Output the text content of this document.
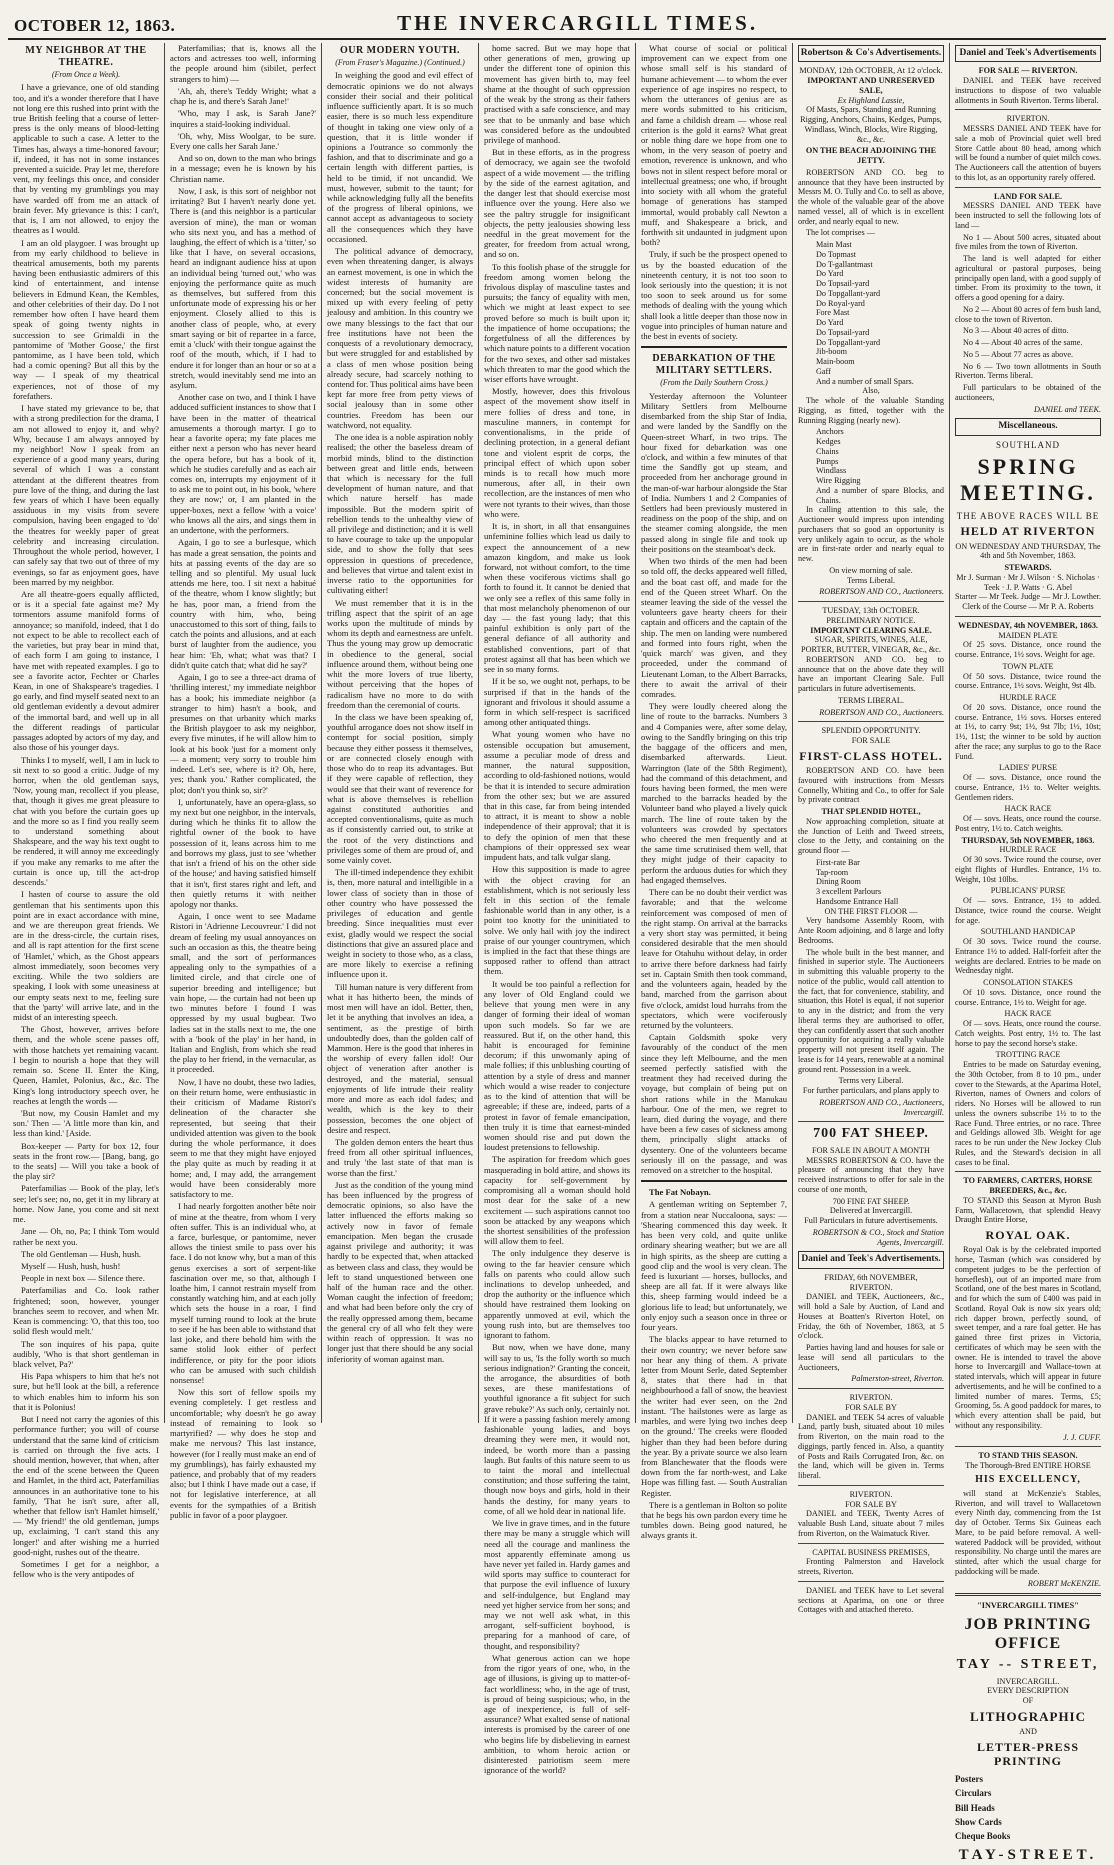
OCTOBER 12, 1863.	THE INVERCARGILL TIMES.
MY NEIGHBOR AT THE THEATRE.
(From Once a Week).

I have a grievance, one of old standing too, and it's a wonder therefore that I have not long ere this rushed into print with the true British feeling that a course of letter-press is the only means of blood-letting applicable to such a case. A letter to the Times has, always a time-honored favour; if, indeed, it has not in some instances prevented a suicide. Pray let me, therefore vent, my feelings this once, and consider that by venting my grumblings you may have warded off from me an attack of brain fever. My grievance is this: I can't, that is, I am not allowed, to enjoy the theatres as I would.

I am an old playgoer. I was brought up from my early childhood to believe in theatrical amusements, both my parents having been enthusiastic admirers of this kind of entertainment, and intense believers in Edmund Kean, the Kembles, and other celebrities of their day. Do I not remember how often I have heard them speak of going twenty nights in succession to see Grimaldi in the pantomime of 'Mother Goose,' the first pantomime, as I have been told, which had a comic opening? But all this by the way — I speak of my theatrical experiences, not of those of my forefathers.

I have stated my grievance to be, that with a strong predilection for the drama, I am not allowed to enjoy it, and why? Why, because I am always annoyed by my neighbor! Now I speak from an experience of a good many years, during several of which I was a constant attendant at the different theatres from pure love of the thing, and during the last few years of which I have been equally assiduous in my visits from severe compulsion, having been engaged to 'do' the theatres for weekly paper of great celebrity and increasing circulation. Throughout the whole period, however, I can safely say that two out of three of my evenings, so far as enjoyment goes, have been marred by my neighbor.

Are all theatre-goers equally afflicted, or is it a special fate against me? My tormentors assume manifold forms of annoyance; so manifold, indeed, that I do not expect to be able to recollect each of the varieties, but pray bear in mind that, of each form I am going to instance, I have met with repeated examples. I go to see a favorite actor, Fechter or Charles Kean, in one of Shakspeare's tragedies. I go early, and find myself seated next to an old gentleman evidently a devout admirer of the immortal bard, and well up in all the different readings of particular passages adopted by actors of my day, and also those of his younger days.

Thinks I to myself, well, I am in luck to sit next to so good a critic. Judge of my horror, when the old gentleman says, 'Now, young man, recollect if you please, that, though it gives me great pleasure to chat with you before the curtain goes up and the more so as I find you really seem to understand something about Shakspeare, and the way his text ought to be rendered, it will annoy me exceedingly if you make any remarks to me after the curtain is once up, till the act-drop descends.'

I hasten of course to assure the old gentleman that his sentiments upon this point are in exact accordance with mine, and we are thereupon great friends. We are in the dress-circle, the curtain rises, and all is rapt attention for the first scene of 'Hamlet,' which, as the Ghost appears almost immediately, soon becomes very exciting. While the two soldiers are speaking, I look with some uneasiness at our empty seats next to me, feeling sure that the 'party' will arrive late, and in the midst of an interesting speech.

The Ghost, however, arrives before them, and the whole scene passes off, with those hatchets yet remaining vacant. I begin to nourish a hope that they will remain so. Scene II. Enter the King, Queen, Hamlet, Polonius, &c., &c. The King's long introductory speech over, he reaches at length the words —

'But now, my Cousin Hamlet and my son.' Then — 'A little more than kin, and less than kind.' [Aside.

Box-keeper — Party for box 12, four seats in the front row.— [Bang, bang, go to the seats] — Will you take a book of the play sir?

Paterfamilias — Book of the play, let's see; let's see; no, no, get it in my library at home. Now Jane, you come and sit next me.

Jane — Oh, no, Pa; I think Tom would rather be next you.

The old Gentleman — Hush, hush.

Myself — Hush, hush, hush!

People in next box — Silence there.

Paterfamilias and Co. look rather frightened; soon, however, younger branches seem to recover, and when Mr. Kean is commencing: 'O, that this too, too solid flesh would melt.'

The son inquires of his papa, quite audibly, 'Who is that short gentleman in black velvet, Pa?'

His Papa whispers to him that he's not sure, but he'll look at the bill, a reference to which enables him to inform his son that it is Polonius!

But I need not carry the agonies of this performance further; you will of course understand that the same kind of criticism is carried on through the five acts. I should mention, however, that when, after the end of the scene between the Queen and Hamlet, in the third act, Paterfamilias announces in an authoritative tone to his family, 'That he isn't sure, after all, whether that fellow isn't Hamlet himself,' — 'My friend!' the old gentleman, jumps up, exclaiming, 'I can't stand this any longer!' and after wishing me a hurried good-night, rushes out of the theatre.

Sometimes I get for a neighbor, a fellow who is the very antipodes of

Paterfamilias; that is, knows all the actors and actresses too well, informing the people around him (sibilet, perfect strangers to him) —

'Ah, ah, there's Teddy Wright; what a chap he is, and there's Sarah Jane!'

'Who, may I ask, is Sarah Jane?' inquires a staid-looking individual.

'Oh, why, Miss Woolgar, to be sure. Every one calls her Sarah Jane.'

And so on, down to the man who brings in a message; even he is known by his Christian name.

Now, I ask, is this sort of neighbor not irritating? But I haven't nearly done yet. There is (and this neighbor is a particular aversion of mine), the man or woman who sits next you, and has a method of laughing, the effect of which is a 'titter,' so like that I have, on several occasions, heard an indignant audience hiss at upon an individual being 'turned out,' who was enjoying the performance quite as much as themselves, but suffered from this unfortunate mode of expressing his or her enjoyment. Closely allied to this is another class of people, who, at every smart saying or bit of repartee in a farce, emit a 'cluck' with their tongue against the roof of the mouth, which, if I had to endure it for longer than an hour or so at a stretch, would inevitably send me into an asylum.

Another case on two, and I think I have adduced sufficient instances to show that I have been in the matter of theatrical amusements a thorough martyr. I go to hear a favorite opera; my fate places me either next a person who has never heard the opera before, but has a book of it, which he studies carefully and as each air comes on, interrupts my enjoyment of it to ask me to point out, in his book, 'where they are now;' or, I am planted in the upper-boxes, next a fellow 'with a voice' who knows all the airs, and sings them in an undertone, with the performers.

Again, I go to see a burlesque, which has made a great sensation, the points and hits at passing events of the day are so telling and so plentiful. My usual luck attends me here, too. I sit next a habitué of the theatre, whom I know slightly; but he has, poor man, a friend from the country with him, who, being unaccustomed to this sort of thing, fails to catch the points and allusions, and at each burst of laughter from the audience, you hear him: 'Eh, what; what was that? I didn't quite catch that; what did he say?'

Again, I go to see a three-act drama of 'thrilling interest,' my immediate neighbor has a book; his immediate neighbor (a stranger to him) hasn't a book, and presumes on that urbanity which marks the British playgoer to ask my neighbor, every five minutes, if he will allow him to look at his book 'just for a moment only — a moment; very sorry to trouble him indeed. Let's see, where is it? Oh, here, yes; thank you.' Rather complicated, the plot; don't you think so, sir?'

I, unfortunately, have an opera-glass, so my next but one neighbor, in the intervals, during which he thinks fit to allow the rightful owner of the book to have possession of it, leans across him to me and borrows my glass, just to see 'whether that isn't a friend of his on the other side of the house;' and having satisfied himself that it isn't, first stares right and left, and then quietly returns it with neither apology nor thanks.

Again, I once went to see Madame Ristori in 'Adrienne Lecouvreur.' I did not dream of feeling my usual annoyances on such an occasion as this, the theatre being small, and the sort of performances appealing only to the sympathies of a limited circle, and that circle one of superior breeding and intelligence; but vain hope, — the curtain had not been up two minutes before I found I was oppressed by my usual bugbear. Two ladies sat in the stalls next to me, the one with a 'book of the play' in her hand, in Italian and English, from which she read the play to her friend, in the vernacular, as it proceeded.

Now, I have no doubt, these two ladies, on their return home, were enthusiastic in their criticism of Madame Ristori's delineation of the character she represented, but seeing that their undivided attention was given to the book during the whole performance, it does seem to me that they might have enjoyed the play quite as much by reading it at home; and, I may add, the arrangement would have been considerably more satisfactory to me.

I had nearly forgotten another bête noir of mine at the theatre, from whom I very often suffer. This is an individual who, at a farce, burlesque, or pantomime, never allows the tiniest smile to pass over his face. I do not know why, but a man of this genus exercises a sort of serpent-like fascination over me, so that, although I loathe him, I cannot restrain myself from constantly watching him, and at each jolly which sets the house in a roar, I find myself turning round to look at the brute to see if he has been able to withstand that last joke, and there behold him with the same stolid look either of perfect indifference, or pity for the poor idiots who can be amused with such childish nonsense!

Now this sort of fellow spoils my evening completely. I get restless and uncomfortable; why doesn't he go away instead of remaining to look so martyrified? — why does he stop and make me nervous? This last instance, however (for I really must make an end of my grumblings), has fairly exhausted my patience, and probably that of my readers also; but I think I have made out a case, if not for legislative interference, at all events for the sympathies of a British public in favor of a poor playgoer.

OUR MODERN YOUTH.
(From Fraser's Magazine.) (Continued.)

In weighing the good and evil effect of democratic opinions we do not always consider their social and their political influence sufficiently apart. It is so much easier, there is so much less expenditure of thought in taking one view only of a question, that it is little wonder if opinions a l'outrance so commonly the fashion, and that to discriminate and go a certain length with different parties, is held to be timid, if not uncandid. We must, however, submit to the taunt; for while acknowledging fully all the benefits of the progress of liberal opinions, we cannot accept as advantageous to society all the consequences which they have occasioned.

The political advance of democracy, even when threatening danger, is always an earnest movement, is one in which the widest interests of humanity are concerned; but the social movement is mixed up with every feeling of petty jealousy and ambition. In this country we owe many blessings to the fact that our free institutions have not been the conquests of a revolutionary democracy, but were struggled for and established by a class of men whose position being already secure, had scarcely nothing to contend for. Thus political aims have been kept far more free from petty views of social jealousy than in some other countries. Freedom has been our watchword, not equality.

The one idea is a noble aspiration nobly realised; the other the baseless dream of morbid minds, blind to the distinction between great and little ends, between that which is necessary for the full development of human nature, and that which nature herself has made impossible. But the modern spirit of rebellion tends to the unhealthy view of all privilege and distinction; and it is well to have courage to take up the unpopular side, and to show the folly that sees oppression in questions of precedence, and believes that virtue and talent exist in inverse ratio to the opportunities for cultivating either!

We must remember that it is in the trifling aspect that the spirit of an age works upon the multitude of minds by whom its depth and earnestness are unfelt. Thus the young may grow up democratic in obedience to the general, social influence around them, without being one whit the more lovers of true liberty, without perceiving that the hopes of radicalism have no more to do with freedom than the ceremonial of courts.

In the class we have been speaking of, youthful arrogance does not show itself in contempt for social position, simply because they either possess it themselves, or are connected closely enough with those who do to reap its advantages. But if they were capable of reflection, they would see that their want of reverence for what is above themselves is rebellion against constituted authorities and accepted conventionalisms, quite as much as if consistently carried out, to strike at the root of the very distinctions and privileges some of them are proud of, and some vainly covet.

The ill-timed independence they exhibit is, then, more natural and intelligible in a lower class of society than in those of other country who have possessed the privileges of education and gentle breeding. Since inequalities must ever exist, gladly would we respect the social distinctions that give an assured place and weight in society to those who, as a class, are more likely to exercise a refining influence upon it.

Till human nature is very different from what it has hitherto been, the minds of most men will have an idol. Better, then, let it be anything that involves an idea, a sentiment, as the prestige of birth undoubtedly does, than the golden calf of Mammon. Here is the good that inheres in the worship of every fallen idol! Our object of veneration after another is destroyed, and the material, sensual enjoyments of life intrude their reality more and more as each idol fades; and wealth, which is the key to their possession, becomes the one object of desire and respect.

The golden demon enters the heart thus freed from all other spiritual influences, and truly 'the last state of that man is worse than the first.'

Just as the condition of the young mind has been influenced by the progress of democratic opinions, so also have the latter influenced the efforts making so actively now in favor of female emancipation. Men began the crusade against privilege and authority; it was hardly to be expected that, when attacked as between class and class, they would be left to stand unquestioned between one half of the human race and the other. Woman caught the infection of freedom; and what had been before only the cry of the really oppressed among them, became the general cry of all who felt they were within reach of oppression. It was no longer just that there should be any social inferiority of woman against man.

home sacred. But we may hope that other generations of men, growing up under the different tone of opinion this movement has given birth to, may feel shame at the thought of such oppression of the weak by the strong as their fathers practised with a safe conscience, and may see that to be unmanly and base which was considered before as the undoubted privilege of manhood.

But in these efforts, as in the progress of democracy, we again see the twofold aspect of a wide movement — the trifling by the side of the earnest agitation, and the danger lest that should exercise most influence over the young. Here also we see the paltry struggle for insignificant objects, the petty jealousies showing less needful in the great movement for the greater, for freedom from actual wrong, and so on.

To this foolish phase of the struggle for freedom among women belong the frivolous display of masculine tastes and pursuits; the fancy of equality with men, which we might at least expect to see proved before so much is built upon it; the impatience of home occupations; the forgetfulness of all the differences by which nature points to a different vocation for the two sexes, and other sad mistakes which threaten to mar the good which the wiser efforts have wrought.

Mostly, however, does this frivolous aspect of the movement show itself in mere follies of dress and tone, in masculine manners, in contempt for conventionalisms, in the pride of declining protection, in a general defiant tone and violent esprit de corps, the principal effect of which upon sober minds is to recall how much more numerous, after all, in their own recollection, are the instances of men who were not tyrants to their wives, than those who were.

It is, in short, in all that ensanguines unfeminine follies which lead us daily to expect the announcement of a new amazon kingdom, and make us look forward, not without comfort, to the time when these vociferous victims shall go forth to found it. It cannot be denied that we only see a reflex of this same folly in that most melancholy phenomenon of our day — the fast young lady; that this painful exhibition is only part of the general defiance of all authority and established conventions, part of that protest against all that has been which we see in so many forms.

If it be so, we ought not, perhaps, to be surprised if that in the hands of the ignorant and frivolous it should assume a form in which self-respect is sacrificed among other antiquated things.

What young women who have no ostensible occupation but amusement, assume a peculiar mode of dress and manner, the natural supposition, according to old-fashioned notions, would be that it is intended to secure admiration from the other sex; but we are assured that in this case, far from being intended to attract, it is meant to show a noble independence of their approval; that it is to defy the opinion of men that these champions of their oppressed sex wear impudent hats, and talk vulgar slang.

How this supposition is made to agree with the object craving for an establishment, which is not seriously less felt in this section of the female fashionable world than in any other, is a point too knotty for the uninitiated to solve. We only hail with joy the indirect praise of our younger countrymen, which is implied in the fact that these things are supposed rather to offend than attract them.

It would be too painful a reflection for any lover of Old England could we believe that young men were in any danger of forming their ideal of woman upon such models. So far we are reassured. But if, on the other hand, this habit is encouraged for feminine decorum; if this unwomanly aping of male follies; if this unblushing courting of attention by a style of dress and manner which would a wise reader to conjecture as to the kind of attention that will be agreeable; if these are, indeed, parts of a protest in favor of female emancipation, then truly it is time that earnest-minded women should rise and put down the loudest pretensions to fellowship.

The aspiration for freedom which goes masquerading in bold attire, and shows its capacity for self-government by compromising all a woman should hold most dear for the sake of a new excitement — such aspirations cannot too soon be attacked by any weapons which the shortest sensibilities of the profession will allow them to feel.

The only indulgence they deserve is owing to the far heavier censure which falls on parents who could allow such inclinations to develop unheeded, and drop the authority or the influence which should have restrained them looking on apparently unmoved at evil, which the young rush into, but are themselves too ignorant to fathom.

But now, when we have done, many will say to us, 'Is the folly worth so much serious indignation?' Granting the conceit, the arrogance, the absurdities of both sexes, are these manifestations of youthful ignorance a fit subject for such grave rebuke?' As such only, certainly not. If it were a passing fashion merely among fashionable young ladies, and boys dreaming they were men, it would not, indeed, be worth more than a passing laugh. But faults of this nature seem to us to taint the moral and intellectual constitution; and those suffering the taint, though now boys and girls, hold in their hands the destiny, for many years to come, of all we hold dear in national life.

We live in grave times, and in the future there may be many a struggle which will need all the courage and manliness the most apparently effeminate among us have never yet failed in. Hardy games and wild sports may suffice to counteract for that purpose the evil influence of luxury and self-indulgence, but England may need yet higher service from her sons; and may we not well ask what, in this arrogant, self-sufficient boyhood, is preparing for a manhood of care, of thought, and responsibility?

What generous action can we hope from the rigor years of one, who, in the age of illusions, is giving up to matter-of-fact worldliness; who, in the age of trust, is proud of being suspicious; who, in the age of inexperience, is full of self-assurance? What exalted sense of national interests is promised by the career of one who begins life by disbelieving in earnest ambition, to whom heroic action or disinterested patriotism seem mere ignorance of the world?

What course of social or political improvement can we expect from one whose small self is his standard of humane achievement — to whom the ever experience of age inspires no respect, to whom the utterances of genius are as mere words submitted to his criticism, and fame a childish dream — whose real criterion is the gold it earns? What great or noble thing dare we hope from one to whom, in the very season of poetry and emotion, reverence is unknown, and who bows not in silent respect before moral or intellectual greatness; one who, if brought into society with all whom the grateful homage of generations has stamped immortal, would probably call Newton a muff, and Shakespeare a brick, and forthwith sit undaunted in judgment upon both?

Truly, if such be the prospect opened to us by the boasted education of the nineteenth century, it is not too soon to look seriously into the question; it is not too soon to seek around us for some methods of dealing with the young which shall look a little deeper than those now in vogue into principles of human nature and the best in events of society.

DEBARKATION OF THE MILITARY SETTLERS.
(From the Daily Southern Cross.)

Yesterday afternoon the Volunteer Military Settlers from Melbourne disembarked from the ship Star of India, and were landed by the Sandfly on the Queen-street Wharf, in two trips. The hour fixed for debarkation was one o'clock, and within a few minutes of that time the Sandfly got up steam, and proceeded from her anchorage ground in the man-of-war harbour alongside the Star of India. Numbers 1 and 2 Companies of Settlers had been previously mustered in readiness on the poop of the ship, and on the steamer coming alongside, the men passed along in single file and took up their positions on the steamboat's deck.

When two thirds of the men had been so told off, the decks appeared well filled, and the boat cast off, and made for the end of the Queen street Wharf. On the steamer leaving the side of the vessel the volunteers gave hearty cheers for their captain and officers and the captain of the ship. The men on landing were numbered and formed into fours right, when the 'quick march' was given, and they proceeded, under the command of Lieutenant Loman, to the Albert Barracks, there to await the arrival of their comrades.

They were loudly cheered along the line of route to the barracks. Numbers 3 and 4 Companies were, after some delay, owing to the Sandfly bringing on this trip the baggage of the officers and men, disembarked afterwards. Lieut. Warrington (late of the 58th Regiment), had the command of this detachment, and fours having been formed, the men were marched to the barracks headed by the Volunteer band who played a lively quick march. The line of route taken by the volunteers was crowded by spectators who cheered the men frequently and at the same time scrutinised them well, that they might judge of their capacity to perform the arduous duties for which they had engaged themselves.

There can be no doubt their verdict was favorable; and that the welcome reinforcement was composed of men of the right stamp. On arrival at the barracks a very short stay was permitted, it being considered desirable that the men should leave for Otahuhu without delay, in order to arrive there before darkness had fairly set in. Captain Smith then took command, and the volunteers again, headed by the band, marched from the garrison about five o'clock, amidst loud hurrahs from the spectators, which were vociferously returned by the volunteers.

Captain Goldsmith spoke very favourably of the conduct of the men since they left Melbourne, and the men seemed perfectly satisfied with the treatment they had received during the voyage, but complain of being put on short rations while in the Manukau harbour. One of the men, we regret to learn, died during the voyage, and there have been a few cases of sickness among them, principally slight attacks of dysentery. One of the volunteers became seriously ill on the passage, and was removed on a stretcher to the hospital.

The Fat Nobayn.

A gentleman writing on September 7, from a station near Nuccaloona, says: — 'Shearing commenced this day week. It has been very cold, and quite unlike ordinary shearing weather; but we are all in high spirits, as the sheep are cutting a good clip and the wool is very clean. The feed is luxuriant — horses, bullocks, and sheep are all fat. If it were always like this, sheep farming would indeed be a glorious life to lead; but unfortunately, we only enjoy such a season once in three or four years.

The blacks appear to have returned to their own country; we never before saw nor hear any thing of them. A private letter from Mount Serle, dated September 8, states that there had in that neighbourhood a fall of snow, the heaviest the writer had ever seen, on the 2nd instant. 'The hailstones were as large as marbles, and were lying two inches deep on the ground.' The creeks were flooded higher than they had been before during the year. By a private source we also learn from Blanchewater that the floods were down from the far north-west, and Lake Hope was filling fast. — South Australian Register.

There is a gentleman in Bolton so polite that he begs his own pardon every time he tumbles down. Being good natured, he always grants it.

Robertson & Co's Advertisements.
MONDAY, 12th OCTOBER, At 12 o'clock.
IMPORTANT AND UNRESERVED SALE,
Ex Highland Lassie,
Of Masts, Spars, Standing and Running Rigging, Anchors, Chains, Kedges, Pumps, Windlass, Winch, Blocks, Wire Rigging, &c., &c.
ON THE BEACH ADJOINING THE JETTY.

ROBERTSON AND CO. beg to announce that they have been instructed by Messrs M. O. Tully and Co. to sell as above, the whole of the valuable gear of the above named vessel, all of which is in excellent order, and nearly equal to new.

The lot comprises —

Main Mast
Do Topmast
Do T-gallantmast
Do Yard
Do Topsail-yard
Do Topgallant-yard
Do Royal-yard
Fore Mast
Do Yard
Do Topsail-yard
Do Topgallant-yard
Jib-boom
Main-boom
Gaff
And a number of small Spars.
Also,

The whole of the valuable Standing Rigging, as fitted, together with the Running Rigging (nearly new).

Anchors
Kedges
Chains
Pumps
Windlass
Wire Rigging
And a number of spare Blocks, and Chains.

In calling attention to this sale, the Auctioneer would impress upon intending purchasers that so good an opportunity is very unlikely again to occur, as the whole are in first-rate order and nearly equal to new.

On view morning of sale.
Terms Liberal.
ROBERTSON AND CO., Auctioneers.
TUESDAY, 13th OCTOBER.
PRELIMINARY NOTICE.
IMPORTANT CLEARING SALE.
SUGAR, SPIRITS, WINES, ALE, PORTER, BUTTER, VINEGAR, &c., &c.

ROBERTSON AND CO. beg to announce that on the above date they will have an important Clearing Sale. Full particulars in future advertisements.

TERMS LIBERAL.
ROBERTSON AND CO., Auctioneers.
SPLENDID OPPORTUNITY.
FOR SALE
FIRST-CLASS HOTEL.

ROBERTSON AND CO. have been favoured with instructions from Messrs Connelly, Whiting and Co., to offer for Sale by private contract

THAT SPLENDID HOTEL,

Now approaching completion, situate at the Junction of Leith and Tweed streets, close to the Jetty, and containing on the ground floor —

First-rate Bar
Tap-room
Dining Room
3 excellent Parlours
Handsome Entrance Hall
ON THE FIRST FLOOR —

Very handsome Assembly Room, with Ante Room adjoining, and 8 large and lofty Bedrooms.

The whole built in the best manner, and finished in superior style. The Auctioneers in submitting this valuable property to the notice of the public, would call attention to the fact, that for convenience, stability, and situation, this Hotel is equal, if not superior to any in the district; and from the very liberal terms they are authorised to offer, they can confidently assert that such another opportunity for acquiring a really valuable property will not present itself again. The lease is for 14 years, renewable at a nominal ground rent. Possession in a week.

Terms very Liberal.
For further particulars, and plans apply to
ROBERTSON AND CO., Auctioneers, Invercargill.
700 FAT SHEEP.
FOR SALE IN ABOUT A MONTH

MESSRS ROBERTSON & CO. have the pleasure of announcing that they have received instructions to offer for sale in the course of one month,

700 FINE FAT SHEEP.
Delivered at Invercargill.
Full Particulars in future advertisements.
ROBERTSON & CO., Stock and Station Agents, Invercargill.
Daniel and Teek's Advertisements.
FRIDAY, 6th NOVEMBER,
RIVERTON.

DANIEL and TEEK, Auctioneers, &c., will hold a Sale by Auction, of Land and Houses at Boatten's Riverton Hotel, on Friday, the 6th of November, 1863, at 5 o'clock.

Parties having land and houses for sale or lease will send all particulars to the Auctioneers,

Palmerston-street, Riverton.
RIVERTON.
FOR SALE BY

DANIEL and TEEK 54 acres of valuable Land, partly bush, situated about 10 miles from Riverton, on the main road to the diggings, partly fenced in. Also, a quantity of Posts and Rails Corrugated Iron, &c. on the land, which will be given in. Terms liberal.

RIVERTON.
FOR SALE BY

DANIEL and TEEK, Twenty Acres of valuable Bush Land, situate about 7 miles from Riverton, on the Waimatuck River.

CAPITAL BUSINESS PREMISES,

Fronting Palmerston and Havelock streets, Riverton.

DANIEL and TEEK have to Let several sections at Aparima, on one or three Cottages with and attached thereto.

Daniel and Teek's Advertisements
FOR SALE — RIVERTON.

DANIEL and TEEK have received instructions to dispose of two valuable allotments in South Riverton. Terms liberal.

RIVERTON.

MESSRS DANIEL AND TEEK have for sale a mob of Provincial quiet well bred Store Cattle about 80 head, among which will be found a number of quiet milch cows. The Auctioneers call the attention of buyers to this lot, as an opportunity rarely offered.

LAND FOR SALE.

MESSRS DANIEL AND TEEK have been instructed to sell the following lots of land —

No 1 — About 500 acres, situated about five miles from the town of Riverton.

The land is well adapted for either agricultural or pastoral purposes, being principally open land, with a good supply of timber. From its proximity to the town, it offers a good opening for a dairy.

No 2 — About 80 acres of fern bush land, close to the town of Riverton.

No 3 — About 40 acres of ditto.

No 4 — About 40 acres of the same.

No 5 — About 77 acres as above.

No 6 — Two town allotments in South Riverton. Terms liberal.

Full particulars to be obtained of the auctioneers,

DANIEL and TEEK.
Miscellaneous.
SOUTHLAND
SPRING MEETING.
THE ABOVE RACES WILL BE
HELD AT RIVERTON
ON WEDNESDAY AND THURSDAY, The 4th and 5th November, 1863.
STEWARDS.
Mr J. Surman · Mr J. Wilson · S. Nicholas · Teek · J. P. Watts · G. Abel
Starter — Mr Teek. Judge — Mr J. Lowther. Clerk of the Course — Mr P. A. Roberts
WEDNESDAY, 4th NOVEMBER, 1863.
MAIDEN PLATE

Of 25 sovs. Distance, once round the course. Entrance, 1½ sovs. Weight for age.

TOWN PLATE

Of 50 sovs. Distance, twice round the course. Entrance, 1½ sovs. Weight, 9st 4lb.

HURDLE RACE

Of 20 sovs. Distance, once round the course. Entrance, 1½ sovs. Horses entered at 1½, to carry 9st; 1½, 9st 7lb; 1½, 10st; 1½, 11st; the winner to be sold by auction after the race; any surplus to go to the Race Fund.

LADIES' PURSE

Of — sovs. Distance, once round the course. Entrance, 1½ to. Welter weights. Gentlemen riders.

HACK RACE

Of — sovs. Heats, once round the course. Post entry, 1½ to. Catch weights.

THURSDAY, 5th NOVEMBER, 1863.
HURDLE RACE

Of 30 sovs. Twice round the course, over eight flights of Hurdles. Entrance, 1½ to. Weight, 10st 10lbs.

PUBLICANS' PURSE

Of — sovs. Entrance, 1½ to added. Distance, twice round the course. Weight for age.

SOUTHLAND HANDICAP

Of 30 sovs. Twice round the course. Entrance 1½ to added. Half-forfeit after the weights are declared. Entries to be made on Wednesday night.

CONSOLATION STAKES

Of 10 sovs. Distance, once round the course. Entrance, 1½ to. Weight for age.

HACK RACE

Of — sovs. Heats, once round the course. Catch weights. Post entry, 1½ to. The last horse to pay the second horse's stake.

TROTTING RACE

Entries to be made on Saturday evening, the 30th October, from 8 to 10 pm., under cover to the Stewards, at the Aparima Hotel, Riverton, names of Owners and colors of riders. No Horses will be allowed to run unless the owners subscribe 1½ to to the Race Fund. Three entries, or no race. Three and Geldings allowed 3lb. Weight for age races to be run under the New Jockey Club Rules, and the Steward's decision in all cases to be final.

TO FARMERS, CARTERS, HORSE BREEDERS, &c., &c.

TO STAND this Season at Myron Bush Farm, Wallacetown, that splendid Heavy Draught Entire Horse,

ROYAL OAK.

Royal Oak is by the celebrated imported horse, Tasman (which was considered by competent judges to be the perfection of horseflesh), out of an imported mare from Scotland, one of the best mares in Scotland, and for which the sum of £400 was paid in Scotland. Royal Oak is now six years old; rich dapper brown, perfectly sound, of sweet temper, and a rare foal getter. He has gained three first prizes in Victoria, certificates of which may be seen with the owner. He is intended to travel the above horse to Invercargill and Wallace-town at stated intervals, which will appear in future advertisements, and he will be confined to a limited number of mares. Terms, £5; Grooming, 5s. A good paddock for mares, to which every attention shall be paid, but without any responsibility.

J. J. CUFF.
TO STAND THIS SEASON.
The Thorough-Bred ENTIRE HORSE
HIS EXCELLENCY,

will stand at McKenzie's Stables, Riverton, and will travel to Wallacetown every Ninth day, commencing from the 1st day of October. Terms Six Guineas each Mare, to be paid before removal. A well-watered Paddock will be provided, without responsibility. No charge until the mares are stinted, after which the usual charge for paddocking will be made.

ROBERT McKENZIE.
"INVERCARGILL TIMES"
JOB PRINTING OFFICE
TAY -- STREET,
INVERCARGILL.
EVERY DESCRIPTION
OF
LITHOGRAPHIC
AND
LETTER-PRESS PRINTING
Posters
Circulars
Bill Heads
Show Cards
Cheque Books
TAY-STREET.
